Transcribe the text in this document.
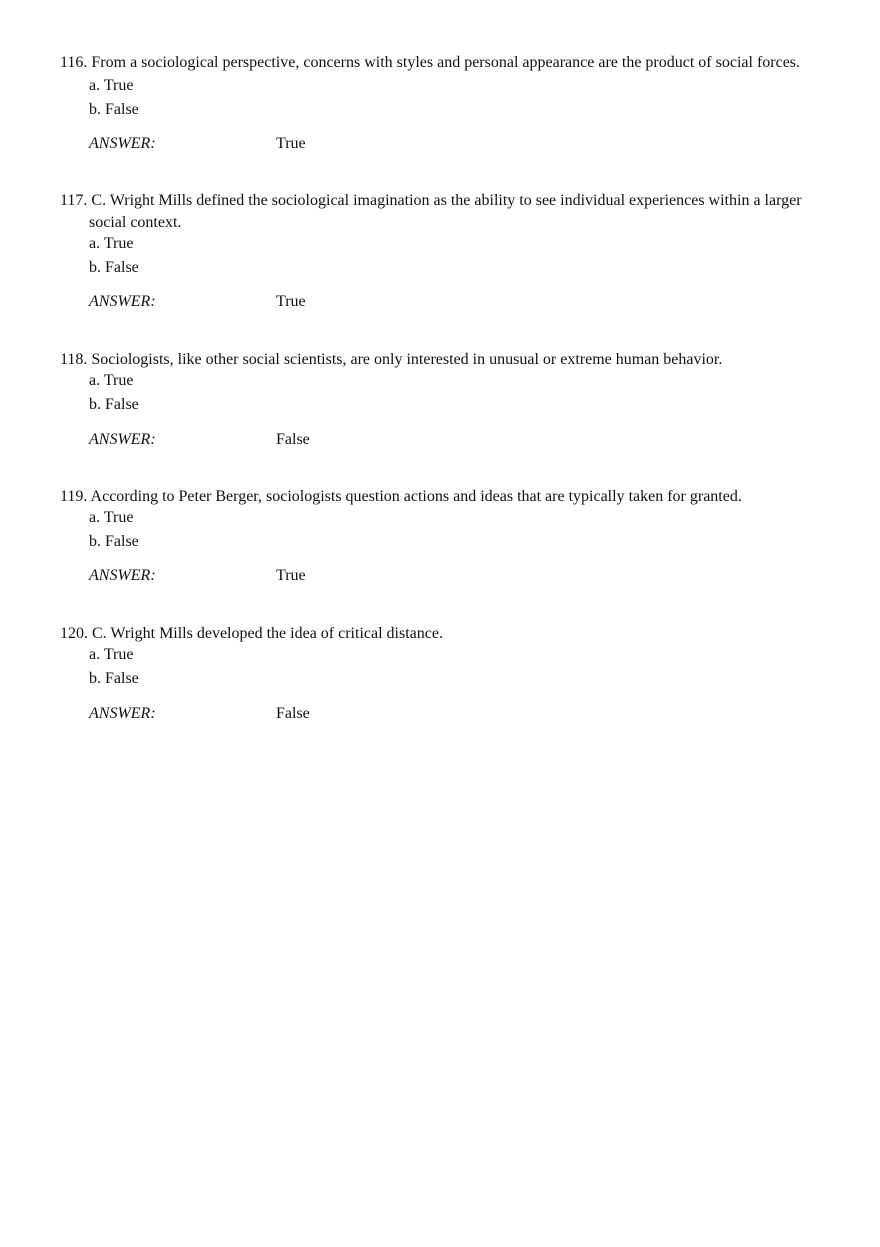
116. From a sociological perspective, concerns with styles and personal appearance are the product of social forces.

a. True
b. False
ANSWER:	True

117. C. Wright Mills defined the sociological imagination as the ability to see individual experiences within a larger
social context.

a. True
b. False
ANSWER:	True

118. Sociologists, like other social scientists, are only interested in unusual or extreme human behavior.

a. True
b. False
ANSWER:	False

119. According to Peter Berger, sociologists question actions and ideas that are typically taken for granted.

a. True
b. False
ANSWER:	True

120. C. Wright Mills developed the idea of critical distance.

a. True
b. False
ANSWER:	False
